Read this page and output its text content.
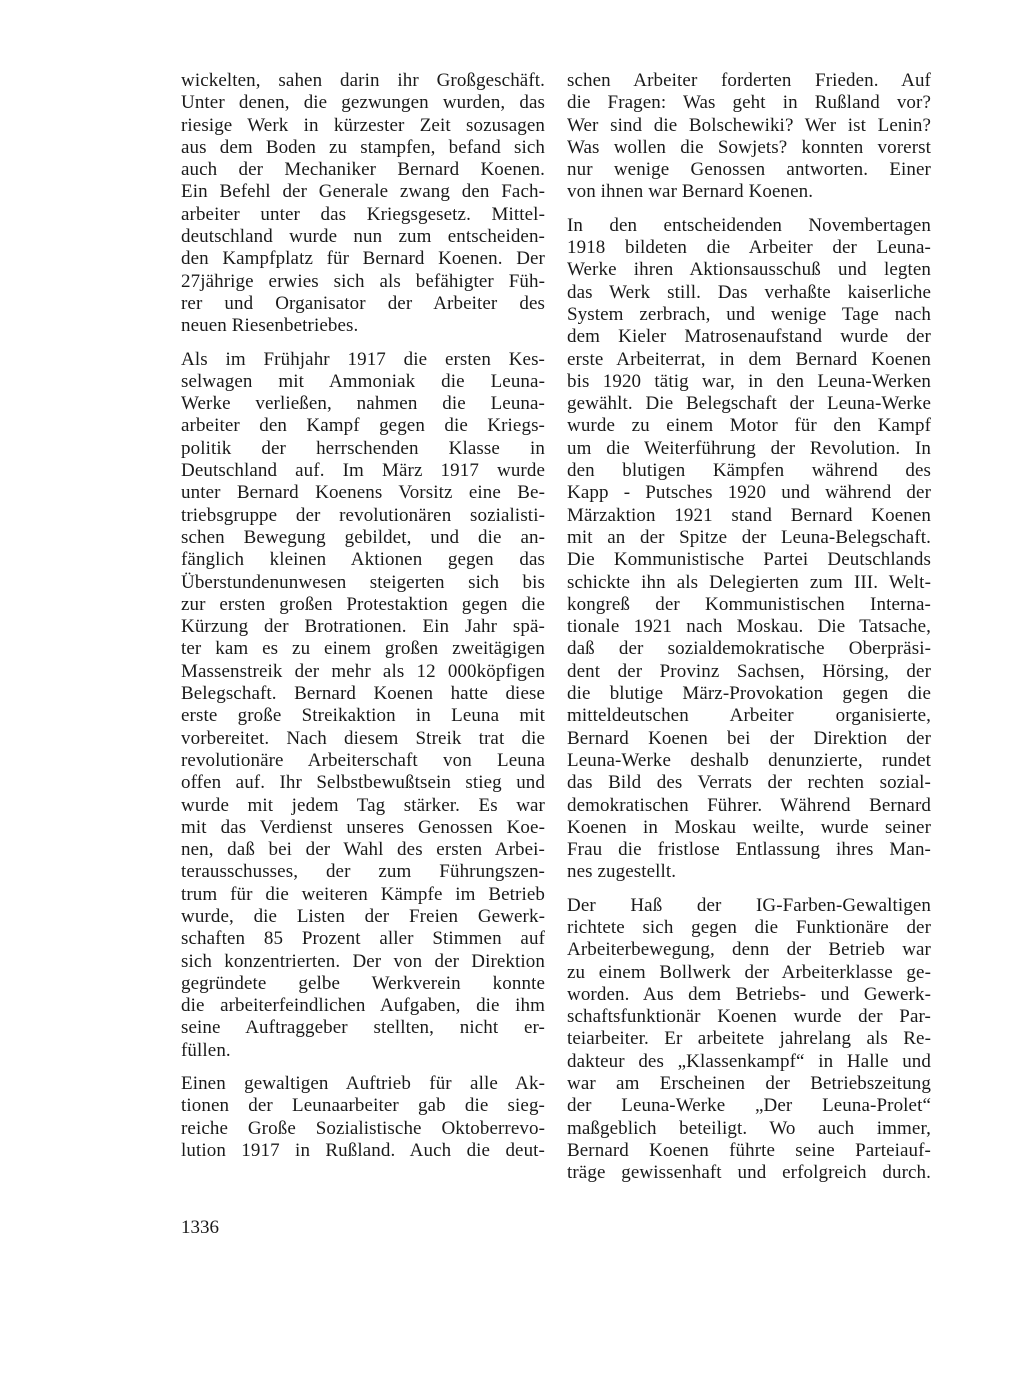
wickelten, sahen darin ihr Großgeschäft.
Unter denen, die gezwungen wurden, das
riesige Werk in kürzester Zeit sozusagen
aus dem Boden zu stampfen, befand sich
auch der Mechaniker Bernard Koenen.
Ein Befehl der Generale zwang den Fach-
arbeiter unter das Kriegsgesetz. Mittel-
deutschland wurde nun zum entscheiden-
den Kampfplatz für Bernard Koenen. Der
27jährige erwies sich als befähigter Füh-
rer und Organisator der Arbeiter des
neuen Riesenbetriebes.
Als im Frühjahr 1917 die ersten Kes-
selwagen mit Ammoniak die Leuna-
Werke verließen, nahmen die Leuna-
arbeiter den Kampf gegen die Kriegs-
politik der herrschenden Klasse in
Deutschland auf. Im März 1917 wurde
unter Bernard Koenens Vorsitz eine Be-
triebsgruppe der revolutionären sozialisti-
schen Bewegung gebildet, und die an-
fänglich kleinen Aktionen gegen das
Überstundenunwesen steigerten sich bis
zur ersten großen Protestaktion gegen die
Kürzung der Brotrationen. Ein Jahr spä-
ter kam es zu einem großen zweitägigen
Massenstreik der mehr als 12 000köpfigen
Belegschaft. Bernard Koenen hatte diese
erste große Streikaktion in Leuna mit
vorbereitet. Nach diesem Streik trat die
revolutionäre Arbeiterschaft von Leuna
offen auf. Ihr Selbstbewußtsein stieg und
wurde mit jedem Tag stärker. Es war
mit das Verdienst unseres Genossen Koe-
nen, daß bei der Wahl des ersten Arbei-
terausschusses, der zum Führungszen-
trum für die weiteren Kämpfe im Betrieb
wurde, die Listen der Freien Gewerk-
schaften 85 Prozent aller Stimmen auf
sich konzentrierten. Der von der Direktion
gegründete gelbe Werkverein konnte
die arbeiterfeindlichen Aufgaben, die ihm
seine Auftraggeber stellten, nicht er-
füllen.
Einen gewaltigen Auftrieb für alle Ak-
tionen der Leunaarbeiter gab die sieg-
reiche Große Sozialistische Oktoberrevo-
lution 1917 in Rußland. Auch die deut-
schen Arbeiter forderten Frieden. Auf
die Fragen: Was geht in Rußland vor?
Wer sind die Bolschewiki? Wer ist Lenin?
Was wollen die Sowjets? konnten vorerst
nur wenige Genossen antworten. Einer
von ihnen war Bernard Koenen.
In den entscheidenden Novembertagen
1918 bildeten die Arbeiter der Leuna-
Werke ihren Aktionsausschuß und legten
das Werk still. Das verhaßte kaiserliche
System zerbrach, und wenige Tage nach
dem Kieler Matrosenaufstand wurde der
erste Arbeiterrat, in dem Bernard Koenen
bis 1920 tätig war, in den Leuna-Werken
gewählt. Die Belegschaft der Leuna-Werke
wurde zu einem Motor für den Kampf
um die Weiterführung der Revolution. In
den blutigen Kämpfen während des
Kapp - Putsches 1920 und während der
Märzaktion 1921 stand Bernard Koenen
mit an der Spitze der Leuna-Belegschaft.
Die Kommunistische Partei Deutschlands
schickte ihn als Delegierten zum III. Welt-
kongreß der Kommunistischen Interna-
tionale 1921 nach Moskau. Die Tatsache,
daß der sozialdemokratische Oberpräsi-
dent der Provinz Sachsen, Hörsing, der
die blutige März-Provokation gegen die
mitteldeutschen Arbeiter organisierte,
Bernard Koenen bei der Direktion der
Leuna-Werke deshalb denunzierte, rundet
das Bild des Verrats der rechten sozial-
demokratischen Führer. Während Bernard
Koenen in Moskau weilte, wurde seiner
Frau die fristlose Entlassung ihres Man-
nes zugestellt.
Der Haß der IG-Farben-Gewaltigen
richtete sich gegen die Funktionäre der
Arbeiterbewegung, denn der Betrieb war
zu einem Bollwerk der Arbeiterklasse ge-
worden. Aus dem Betriebs- und Gewerk-
schaftsfunktionär Koenen wurde der Par-
teiarbeiter. Er arbeitete jahrelang als Re-
dakteur des „Klassenkampf“ in Halle und
war am Erscheinen der Betriebszeitung
der Leuna-Werke „Der Leuna-Prolet“
maßgeblich beteiligt. Wo auch immer,
Bernard Koenen führte seine Parteiauf-
träge gewissenhaft und erfolgreich durch.
1336
